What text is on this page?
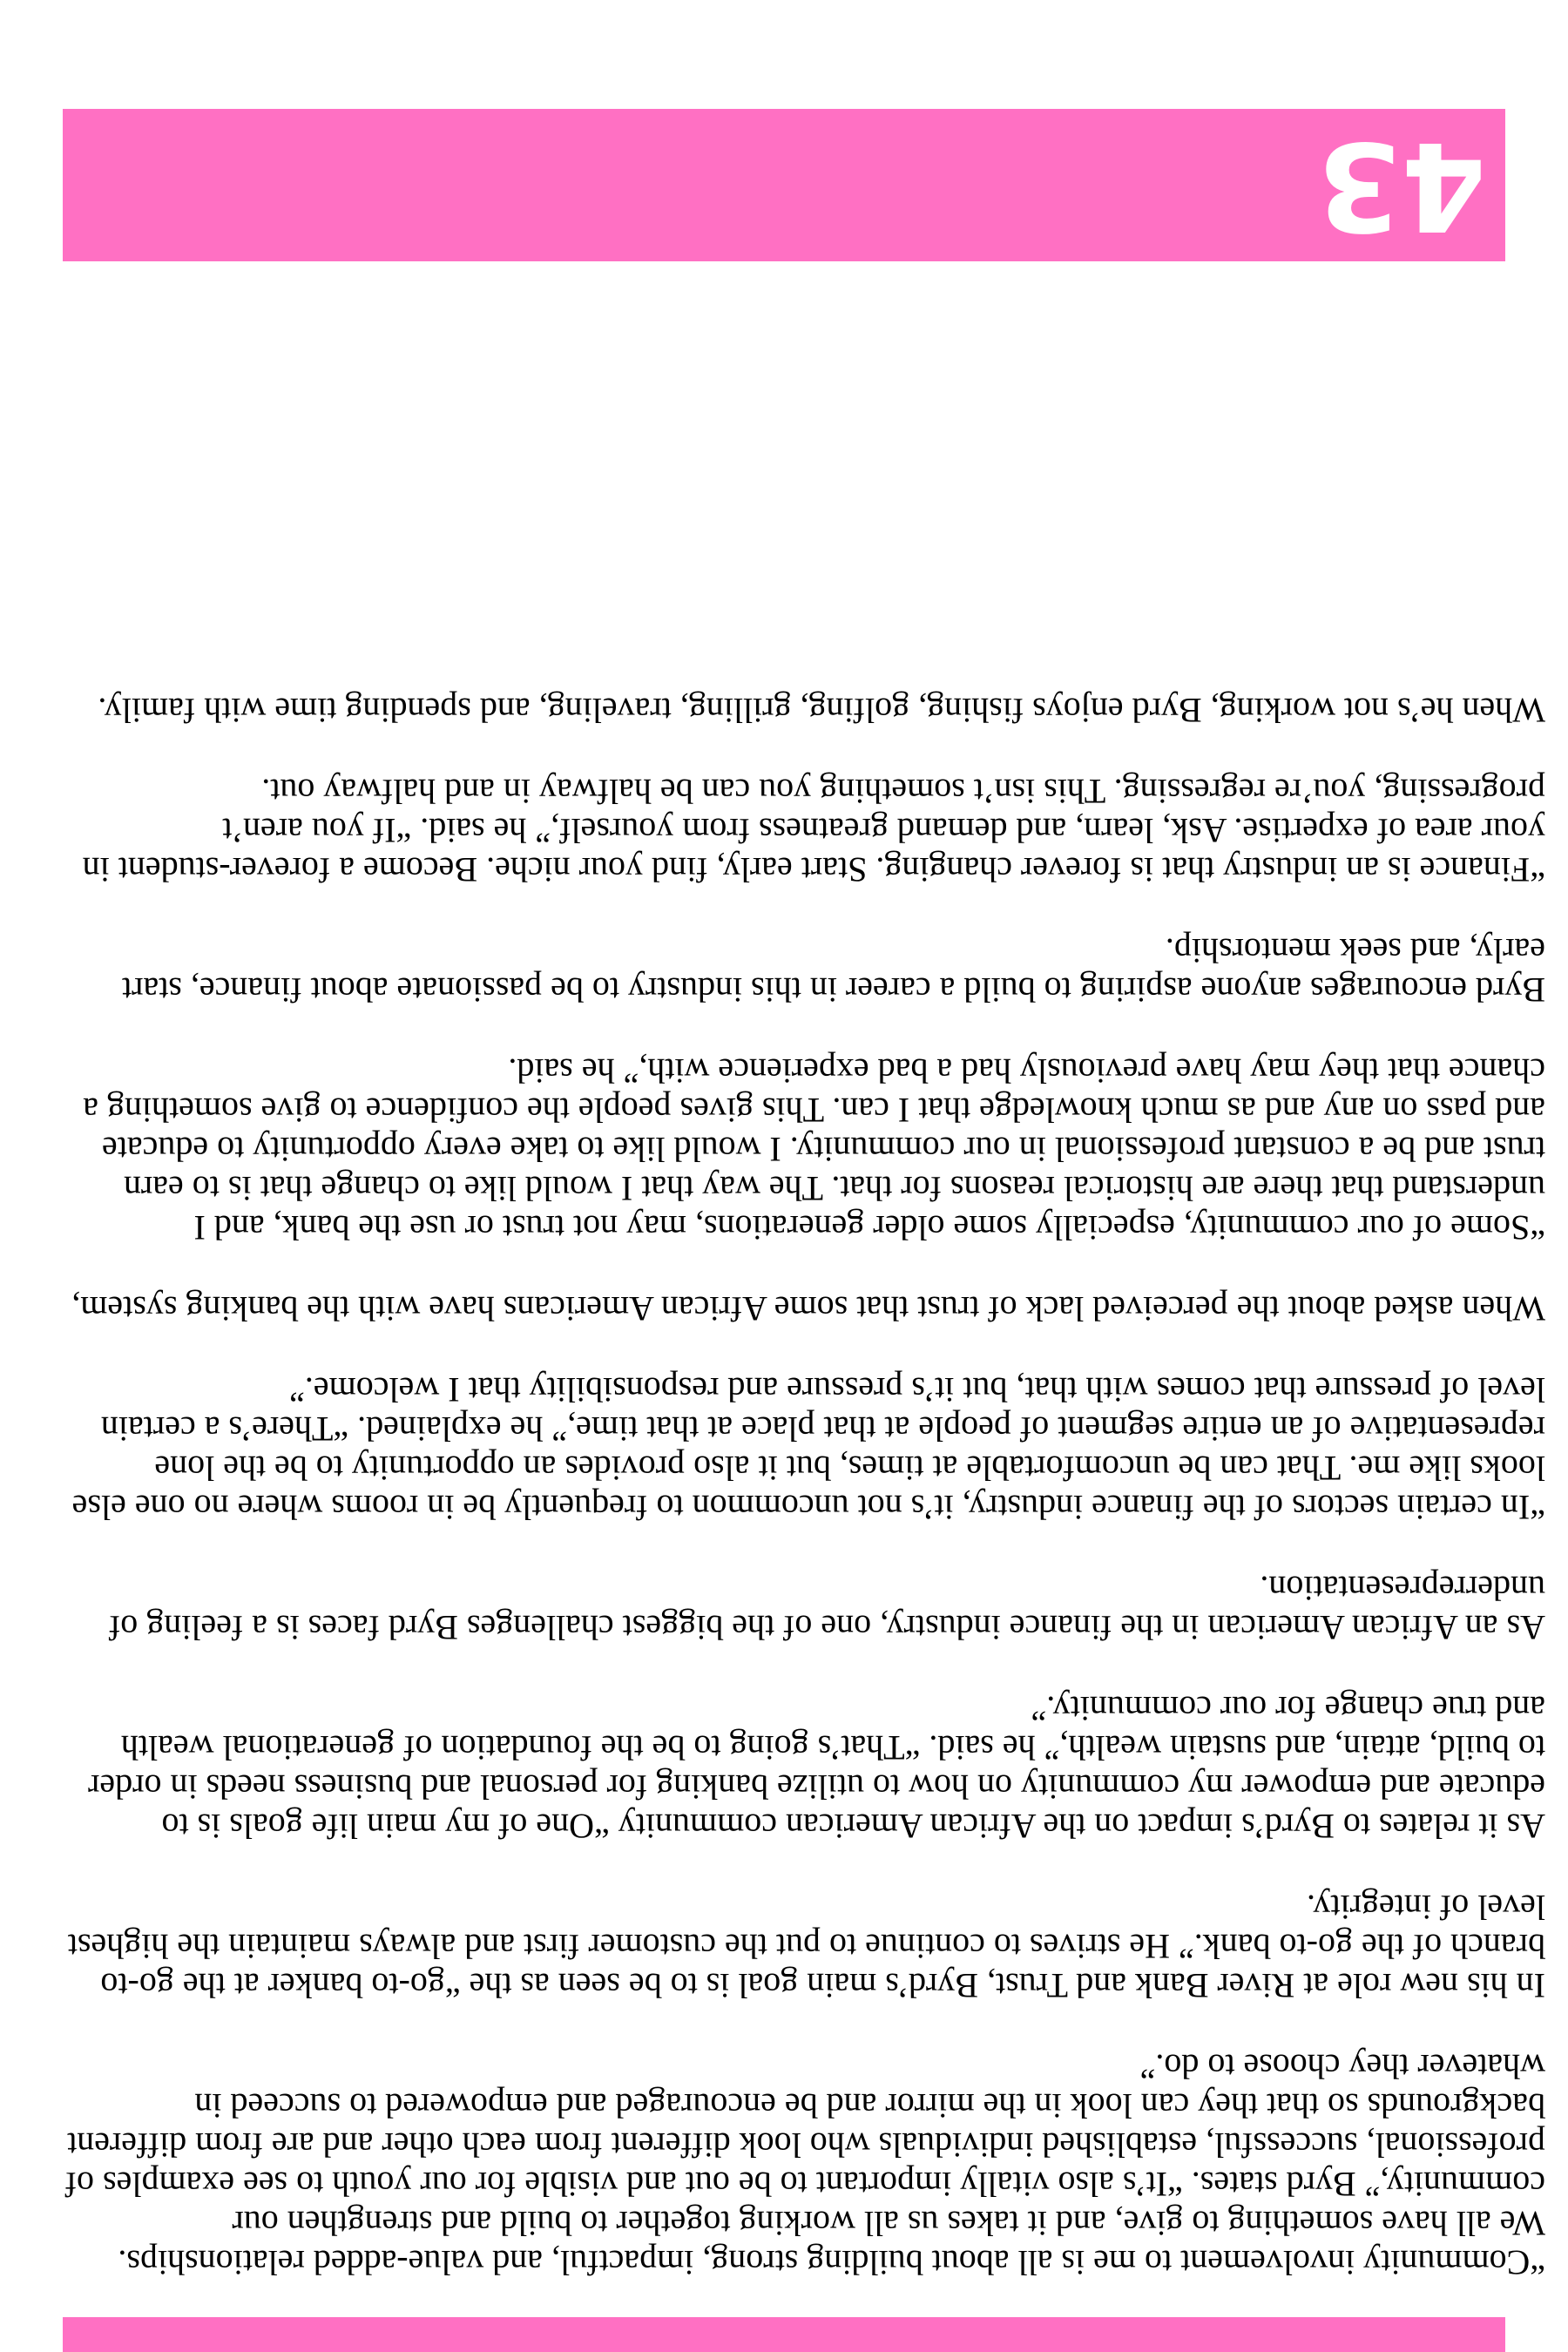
“Community involvement to me is all about building strong, impactful, and value-added relationships. We all have something to give, and it takes us all working together to build and strengthen our community,” Byrd states. “It’s also vitally important to be out and visible for our youth to see examples of professional, successful, established individuals who look different from each other and are from different backgrounds so that they can look in the mirror and be encouraged and empowered to succeed in whatever they choose to do.”

In his new role at River Bank and Trust, Byrd’s main goal is to be seen as the “go-to banker at the go-to branch of the go-to bank.” He strives to continue to put the customer first and always maintain the highest level of integrity.

As it relates to Byrd’s impact on the African American community “One of my main life goals is to educate and empower my community on how to utilize banking for personal and business needs in order to build, attain, and sustain wealth,” he said. “That’s going to be the foundation of generational wealth and true change for our community.”

As an African American in the finance industry, one of the biggest challenges Byrd faces is a feeling of underrepresentation.

“In certain sectors of the finance industry, it’s not uncommon to frequently be in rooms where no one else looks like me. That can be uncomfortable at times, but it also provides an opportunity to be the lone representative of an entire segment of people at that place at that time,” he explained. “There’s a certain level of pressure that comes with that, but it’s pressure and responsibility that I welcome.”

When asked about the perceived lack of trust that some African Americans have with the banking system,

“Some of our community, especially some older generations, may not trust or use the bank, and I understand that there are historical reasons for that. The way that I would like to change that is to earn trust and be a constant professional in our community. I would like to take every opportunity to educate and pass on any and as much knowledge that I can. This gives people the confidence to give something a chance that they may have previously had a bad experience with,” he said.

Byrd encourages anyone aspiring to build a career in this industry to be passionate about finance, start early, and seek mentorship.

“Finance is an industry that is forever changing. Start early, find your niche. Become a forever-student in your area of expertise. Ask, learn, and demand greatness from yourself,” he said. “If you aren’t progressing, you’re regressing. This isn’t something you can be halfway in and halfway out.

When he’s not working, Byrd enjoys fishing, golfing, grilling, traveling, and spending time with family.

43
